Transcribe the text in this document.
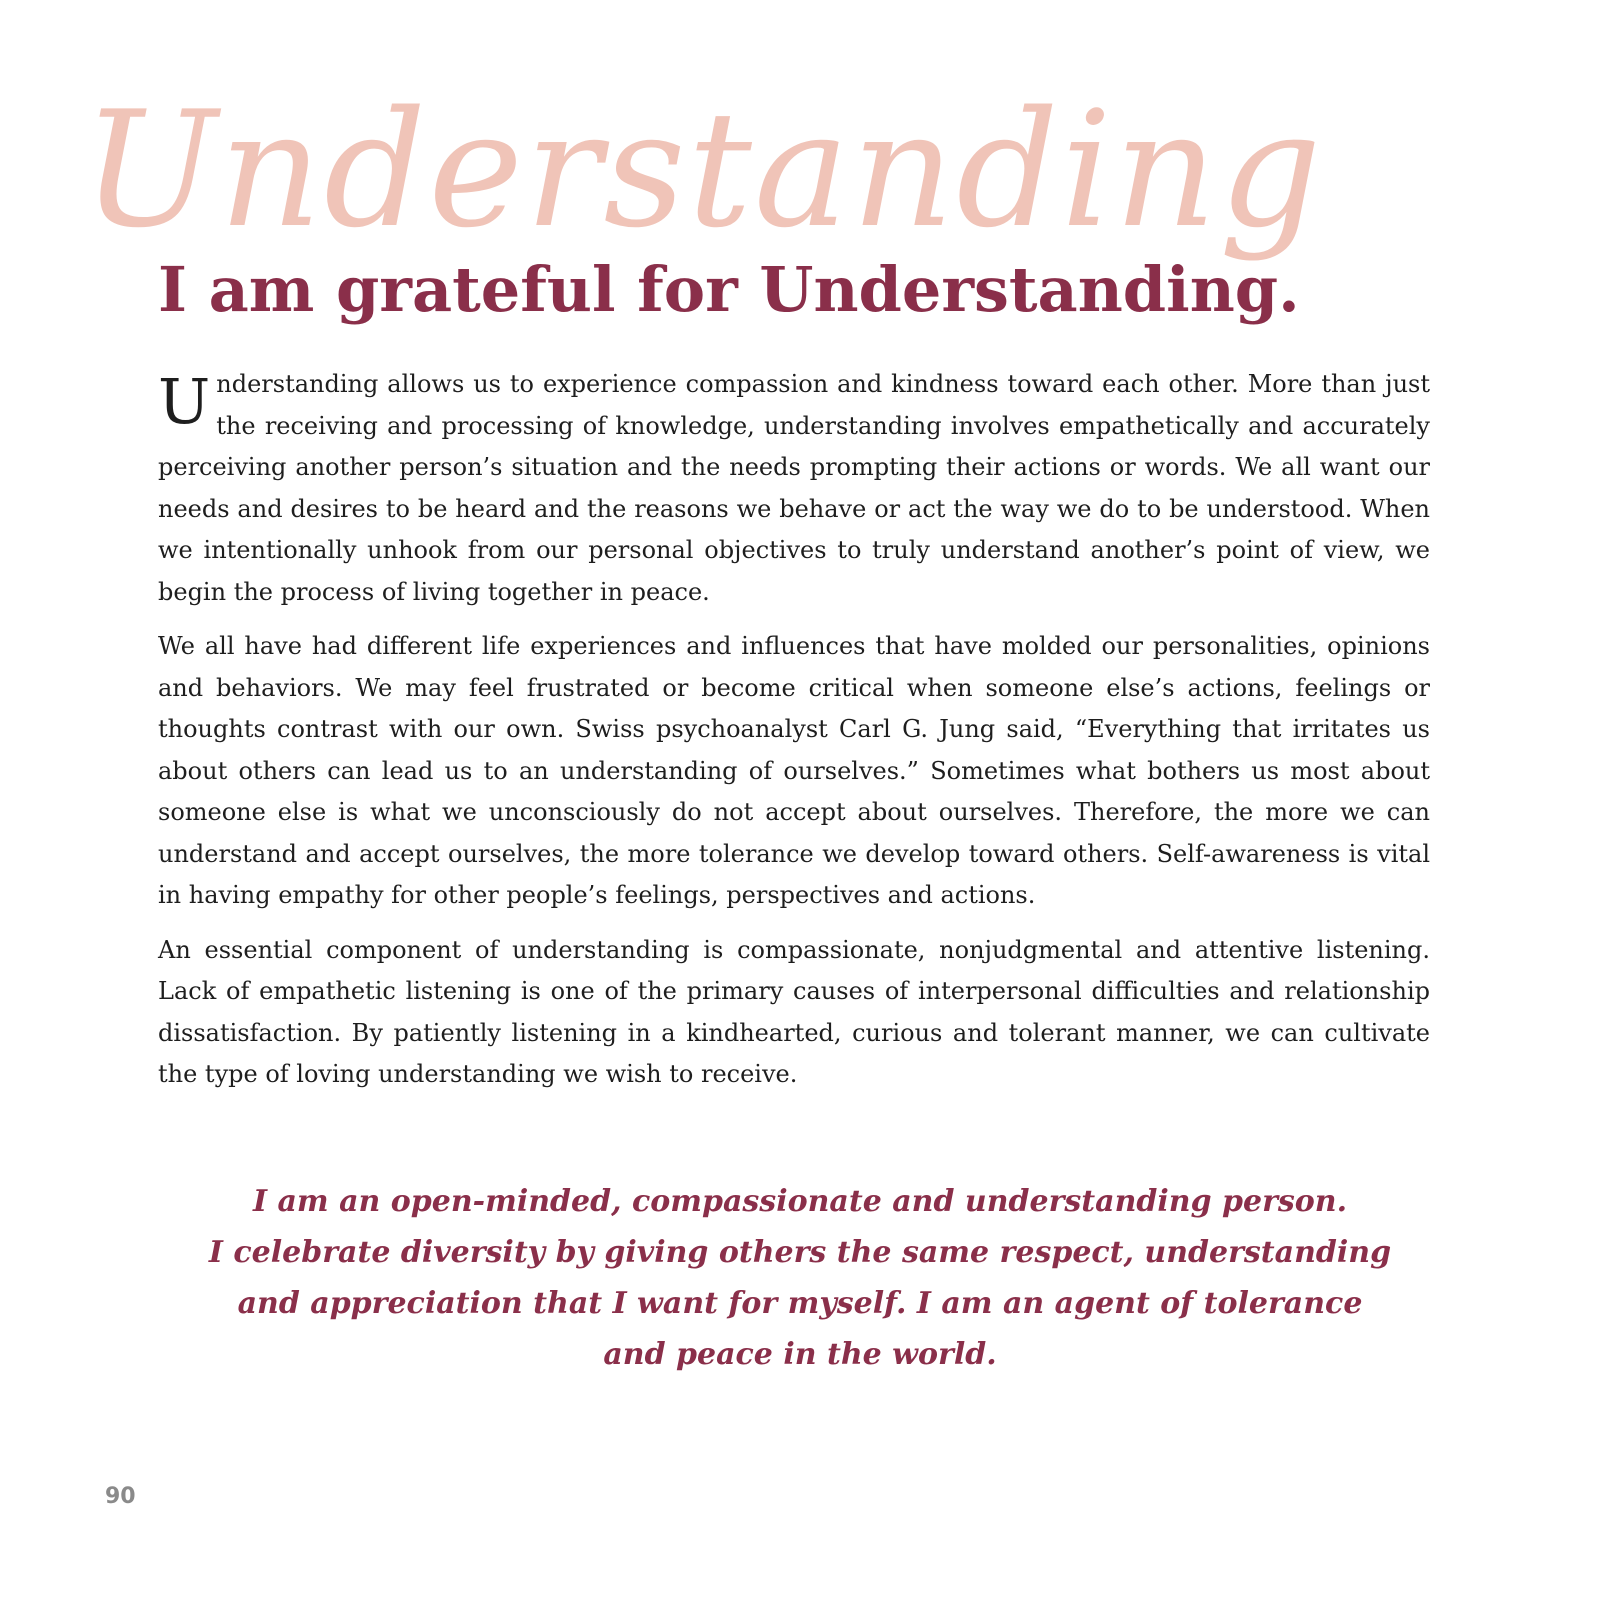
Understanding
I am grateful for Understanding.

Understanding allows us to experience compassion and kindness toward each other. More than just the receiving and processing of knowledge, understanding involves empathetically and accurately perceiving another person’s situation and the needs prompting their actions or words. We all want our needs and desires to be heard and the reasons we behave or act the way we do to be understood. When we intentionally unhook from our personal objectives to truly understand another’s point of view, we begin the process of living together in peace.

We all have had different life experiences and influences that have molded our personalities, opinions and behaviors. We may feel frustrated or become critical when someone else’s actions, feelings or thoughts contrast with our own. Swiss psychoanalyst Carl G. Jung said, “Everything that irritates us about others can lead us to an understanding of ourselves.” Sometimes what bothers us most about someone else is what we unconsciously do not accept about ourselves. Therefore, the more we can understand and accept ourselves, the more tolerance we develop toward others. Self-awareness is vital in having empathy for other people’s feelings, perspectives and actions.

An essential component of understanding is compassionate, nonjudgmental and attentive listening. Lack of empathetic listening is one of the primary causes of interpersonal difficulties and relationship dissatisfaction. By patiently listening in a kindhearted, curious and tolerant manner, we can cultivate the type of loving understanding we wish to receive.

I am an open-minded, compassionate and understanding person.
I celebrate diversity by giving others the same respect, understanding
and appreciation that I want for myself. I am an agent of tolerance
and peace in the world.
90
